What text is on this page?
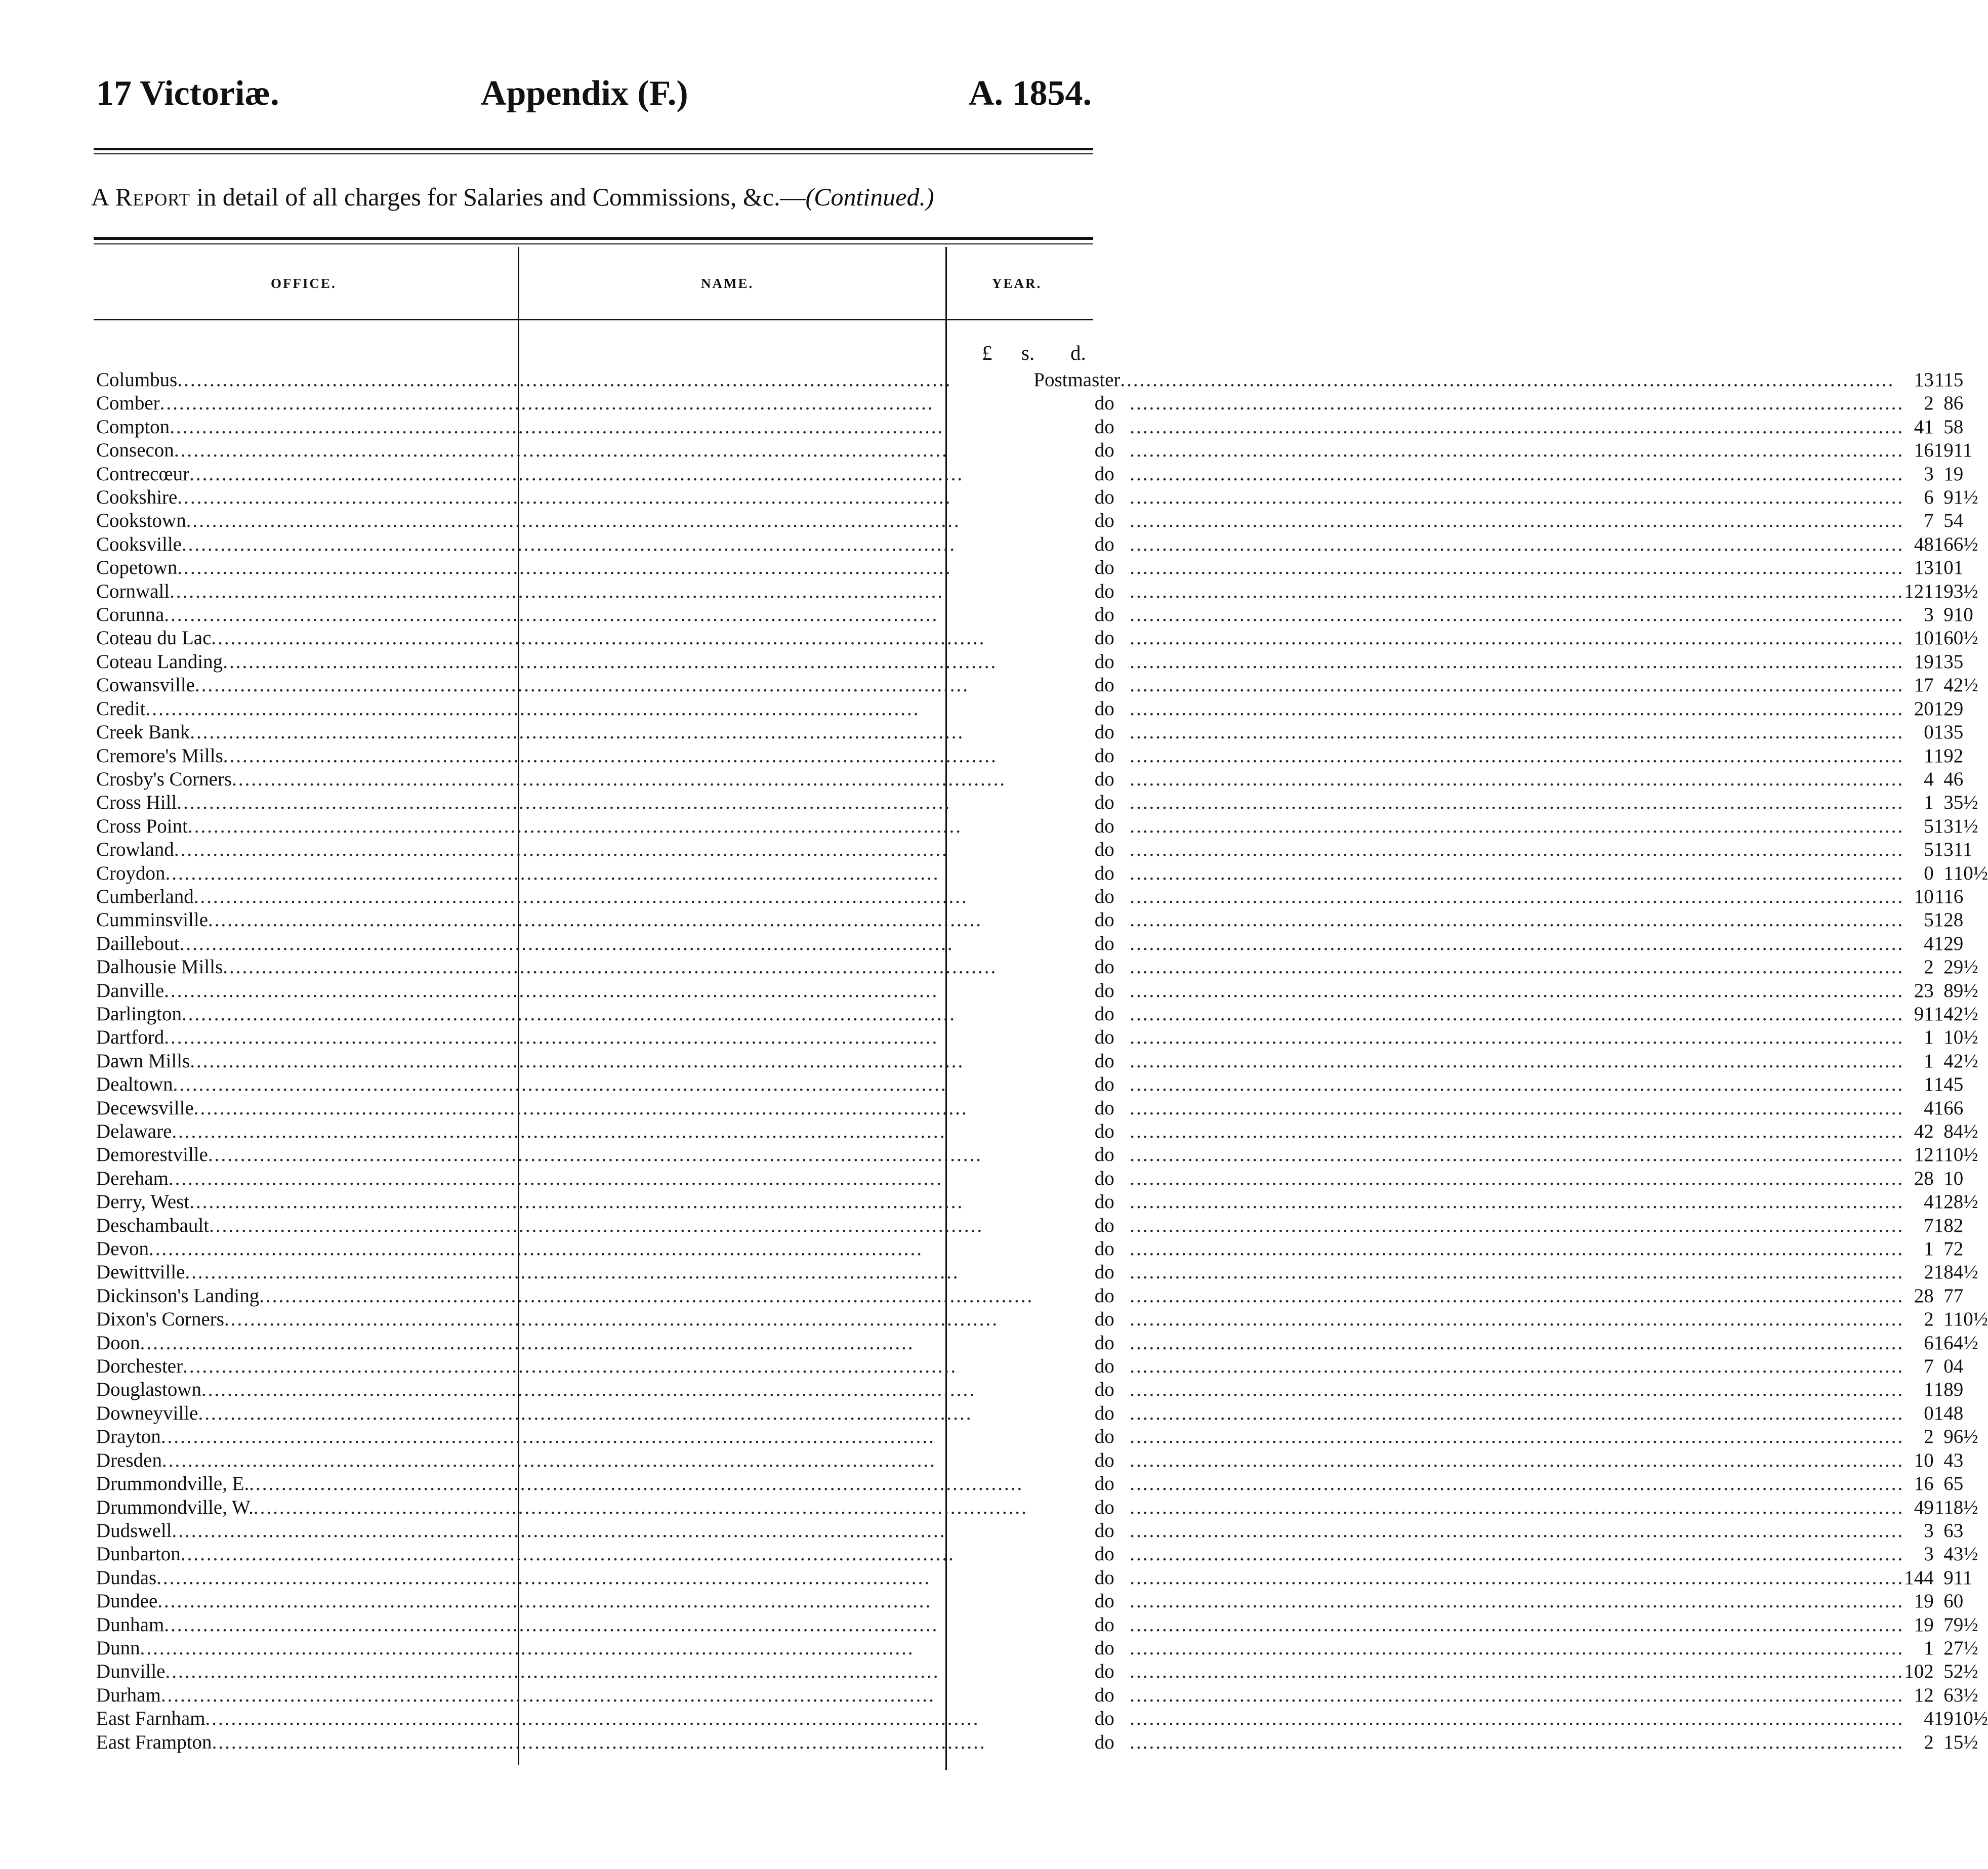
17 Victoriæ.	Appendix (F.)	A. 1854.
A Report in detail of all charges for Salaries and Commissions, &c.—(Continued.)
OFFICE.	NAME.	YEAR.
£ s. d.
Columbus ........................................................................................................................	Postmaster ........................................................................................................................	13	11	5

Comber ........................................................................................................................	do ........................................................................................................................	2	8	6

Compton ........................................................................................................................	do ........................................................................................................................	41	5	8

Consecon ........................................................................................................................	do ........................................................................................................................	16	19	11

Contrecœur ........................................................................................................................	do ........................................................................................................................	3	1	9

Cookshire ........................................................................................................................	do ........................................................................................................................	6	9	1½

Cookstown ........................................................................................................................	do ........................................................................................................................	7	5	4

Cooksville ........................................................................................................................	do ........................................................................................................................	48	16	6½

Copetown ........................................................................................................................	do ........................................................................................................................	13	10	1

Cornwall ........................................................................................................................	do ........................................................................................................................	121	19	3½

Corunna ........................................................................................................................	do ........................................................................................................................	3	9	10

Coteau du Lac ........................................................................................................................	do ........................................................................................................................	10	16	0½

Coteau Landing ........................................................................................................................	do ........................................................................................................................	19	13	5

Cowansville ........................................................................................................................	do ........................................................................................................................	17	4	2½

Credit ........................................................................................................................	do ........................................................................................................................	20	12	9

Creek Bank ........................................................................................................................	do ........................................................................................................................	0	13	5

Cremore's Mills ........................................................................................................................	do ........................................................................................................................	1	19	2

Crosby's Corners ........................................................................................................................	do ........................................................................................................................	4	4	6

Cross Hill ........................................................................................................................	do ........................................................................................................................	1	3	5½

Cross Point ........................................................................................................................	do ........................................................................................................................	5	13	1½

Crowland ........................................................................................................................	do ........................................................................................................................	5	13	11

Croydon ........................................................................................................................	do ........................................................................................................................	0	1	10½

Cumberland ........................................................................................................................	do ........................................................................................................................	10	11	6

Cumminsville ........................................................................................................................	do ........................................................................................................................	5	12	8

Daillebout ........................................................................................................................	do ........................................................................................................................	4	12	9

Dalhousie Mills ........................................................................................................................	do ........................................................................................................................	2	2	9½

Danville ........................................................................................................................	do ........................................................................................................................	23	8	9½

Darlington ........................................................................................................................	do ........................................................................................................................	91	14	2½

Dartford ........................................................................................................................	do ........................................................................................................................	1	1	0½

Dawn Mills ........................................................................................................................	do ........................................................................................................................	1	4	2½

Dealtown ........................................................................................................................	do ........................................................................................................................	1	14	5

Decewsville ........................................................................................................................	do ........................................................................................................................	4	16	6

Delaware ........................................................................................................................	do ........................................................................................................................	42	8	4½

Demorestville ........................................................................................................................	do ........................................................................................................................	12	11	0½

Dereham ........................................................................................................................	do ........................................................................................................................	28	1	0

Derry, West ........................................................................................................................	do ........................................................................................................................	4	12	8½

Deschambault ........................................................................................................................	do ........................................................................................................................	7	18	2

Devon ........................................................................................................................	do ........................................................................................................................	1	7	2

Dewittville ........................................................................................................................	do ........................................................................................................................	2	18	4½

Dickinson's Landing ........................................................................................................................	do ........................................................................................................................	28	7	7

Dixon's Corners ........................................................................................................................	do ........................................................................................................................	2	1	10½

Doon ........................................................................................................................	do ........................................................................................................................	6	16	4½

Dorchester ........................................................................................................................	do ........................................................................................................................	7	0	4

Douglastown ........................................................................................................................	do ........................................................................................................................	1	18	9

Downeyville ........................................................................................................................	do ........................................................................................................................	0	14	8

Drayton ........................................................................................................................	do ........................................................................................................................	2	9	6½

Dresden ........................................................................................................................	do ........................................................................................................................	10	4	3

Drummondville, E. ........................................................................................................................	do ........................................................................................................................	16	6	5

Drummondville, W. ........................................................................................................................	do ........................................................................................................................	49	11	8½

Dudswell ........................................................................................................................	do ........................................................................................................................	3	6	3

Dunbarton ........................................................................................................................	do ........................................................................................................................	3	4	3½

Dundas ........................................................................................................................	do ........................................................................................................................	144	9	11

Dundee ........................................................................................................................	do ........................................................................................................................	19	6	0

Dunham ........................................................................................................................	do ........................................................................................................................	19	7	9½

Dunn ........................................................................................................................	do ........................................................................................................................	1	2	7½

Dunville ........................................................................................................................	do ........................................................................................................................	102	5	2½

Durham ........................................................................................................................	do ........................................................................................................................	12	6	3½

East Farnham ........................................................................................................................	do ........................................................................................................................	4	19	10½

East Frampton ........................................................................................................................	do ........................................................................................................................	2	1	5½
